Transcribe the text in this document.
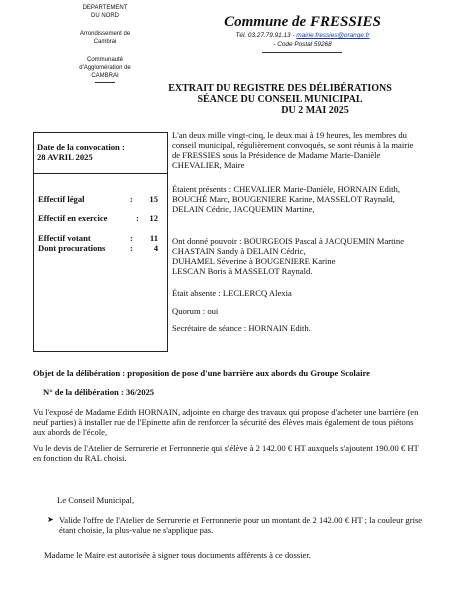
DEPARTEMENT
DU NORD
Arrondissement de
Cambrai
Communauté
d'Agglomération de
CAMBRAI
Commune de FRESSIES
Tél. 03.27.79.91.13 - mairie.fressies@orange.fr
- Code Postal 59268
EXTRAIT DU REGISTRE DES DÉLIBÉRATIONS
SÉANCE DU CONSEIL MUNICIPAL
DU 2 MAI 2025
Date de la convocation :
28 AVRIL 2025
Effectif légal	: 15
Effectif en exercice	: 12
Effectif votant	: 11
Dont procurations	: 4
L'an deux mille vingt-cinq, le deux mai à 19 heures, les membres du conseil municipal, régulièrement convoqués, se sont réunis à la mairie de FRESSIES sous la Présidence de Madame Marie-Danièle CHEVALIER, Maire
Étaient présents : CHEVALIER Marie-Danièle, HORNAIN Edith, BOUCHÉ Marc, BOUGENIERE Karine, MASSELOT Raynald, DELAIN Cédric, JACQUEMIN Martine,
Ont donné pouvoir : BOURGEOIS Pascal à JACQUEMIN Martine
CHASTAIN Sandy à DELAIN Cédric,
DUHAMEL Séverine à BOUGENIERE Karine
LESCAN Boris à MASSELOT Raynald.
Était absente : LECLERCQ Alexia
Quorum : oui
Secrétaire de séance : HORNAIN Edith.
Objet de la délibération : proposition de pose d'une barrière aux abords du Groupe Scolaire
N° de la délibération : 36/2025
Vu l'exposé de Madame Edith HORNAIN, adjointe en charge des travaux qui propose d'acheter une barrière (en neuf parties) à installer rue de l'Epinette afin de renforcer la sécurité des élèves mais également de tous piétons aux abords de l'école,
Vu le devis de l'Atelier de Serrurerie et Ferronnerie qui s'élève à 2 142.00 € HT auxquels s'ajoutent 190.00 € HT en fonction du RAL choisi.
Le Conseil Municipal,
➤ Valide l'offre de l'Atelier de Serrurerie et Ferronnerie pour un montant de 2 142.00 € HT ; la couleur grise étant choisie, la plus-value ne s'applique pas.
Madame le Maire est autorisée à signer tous documents afférents à ce dossier.
